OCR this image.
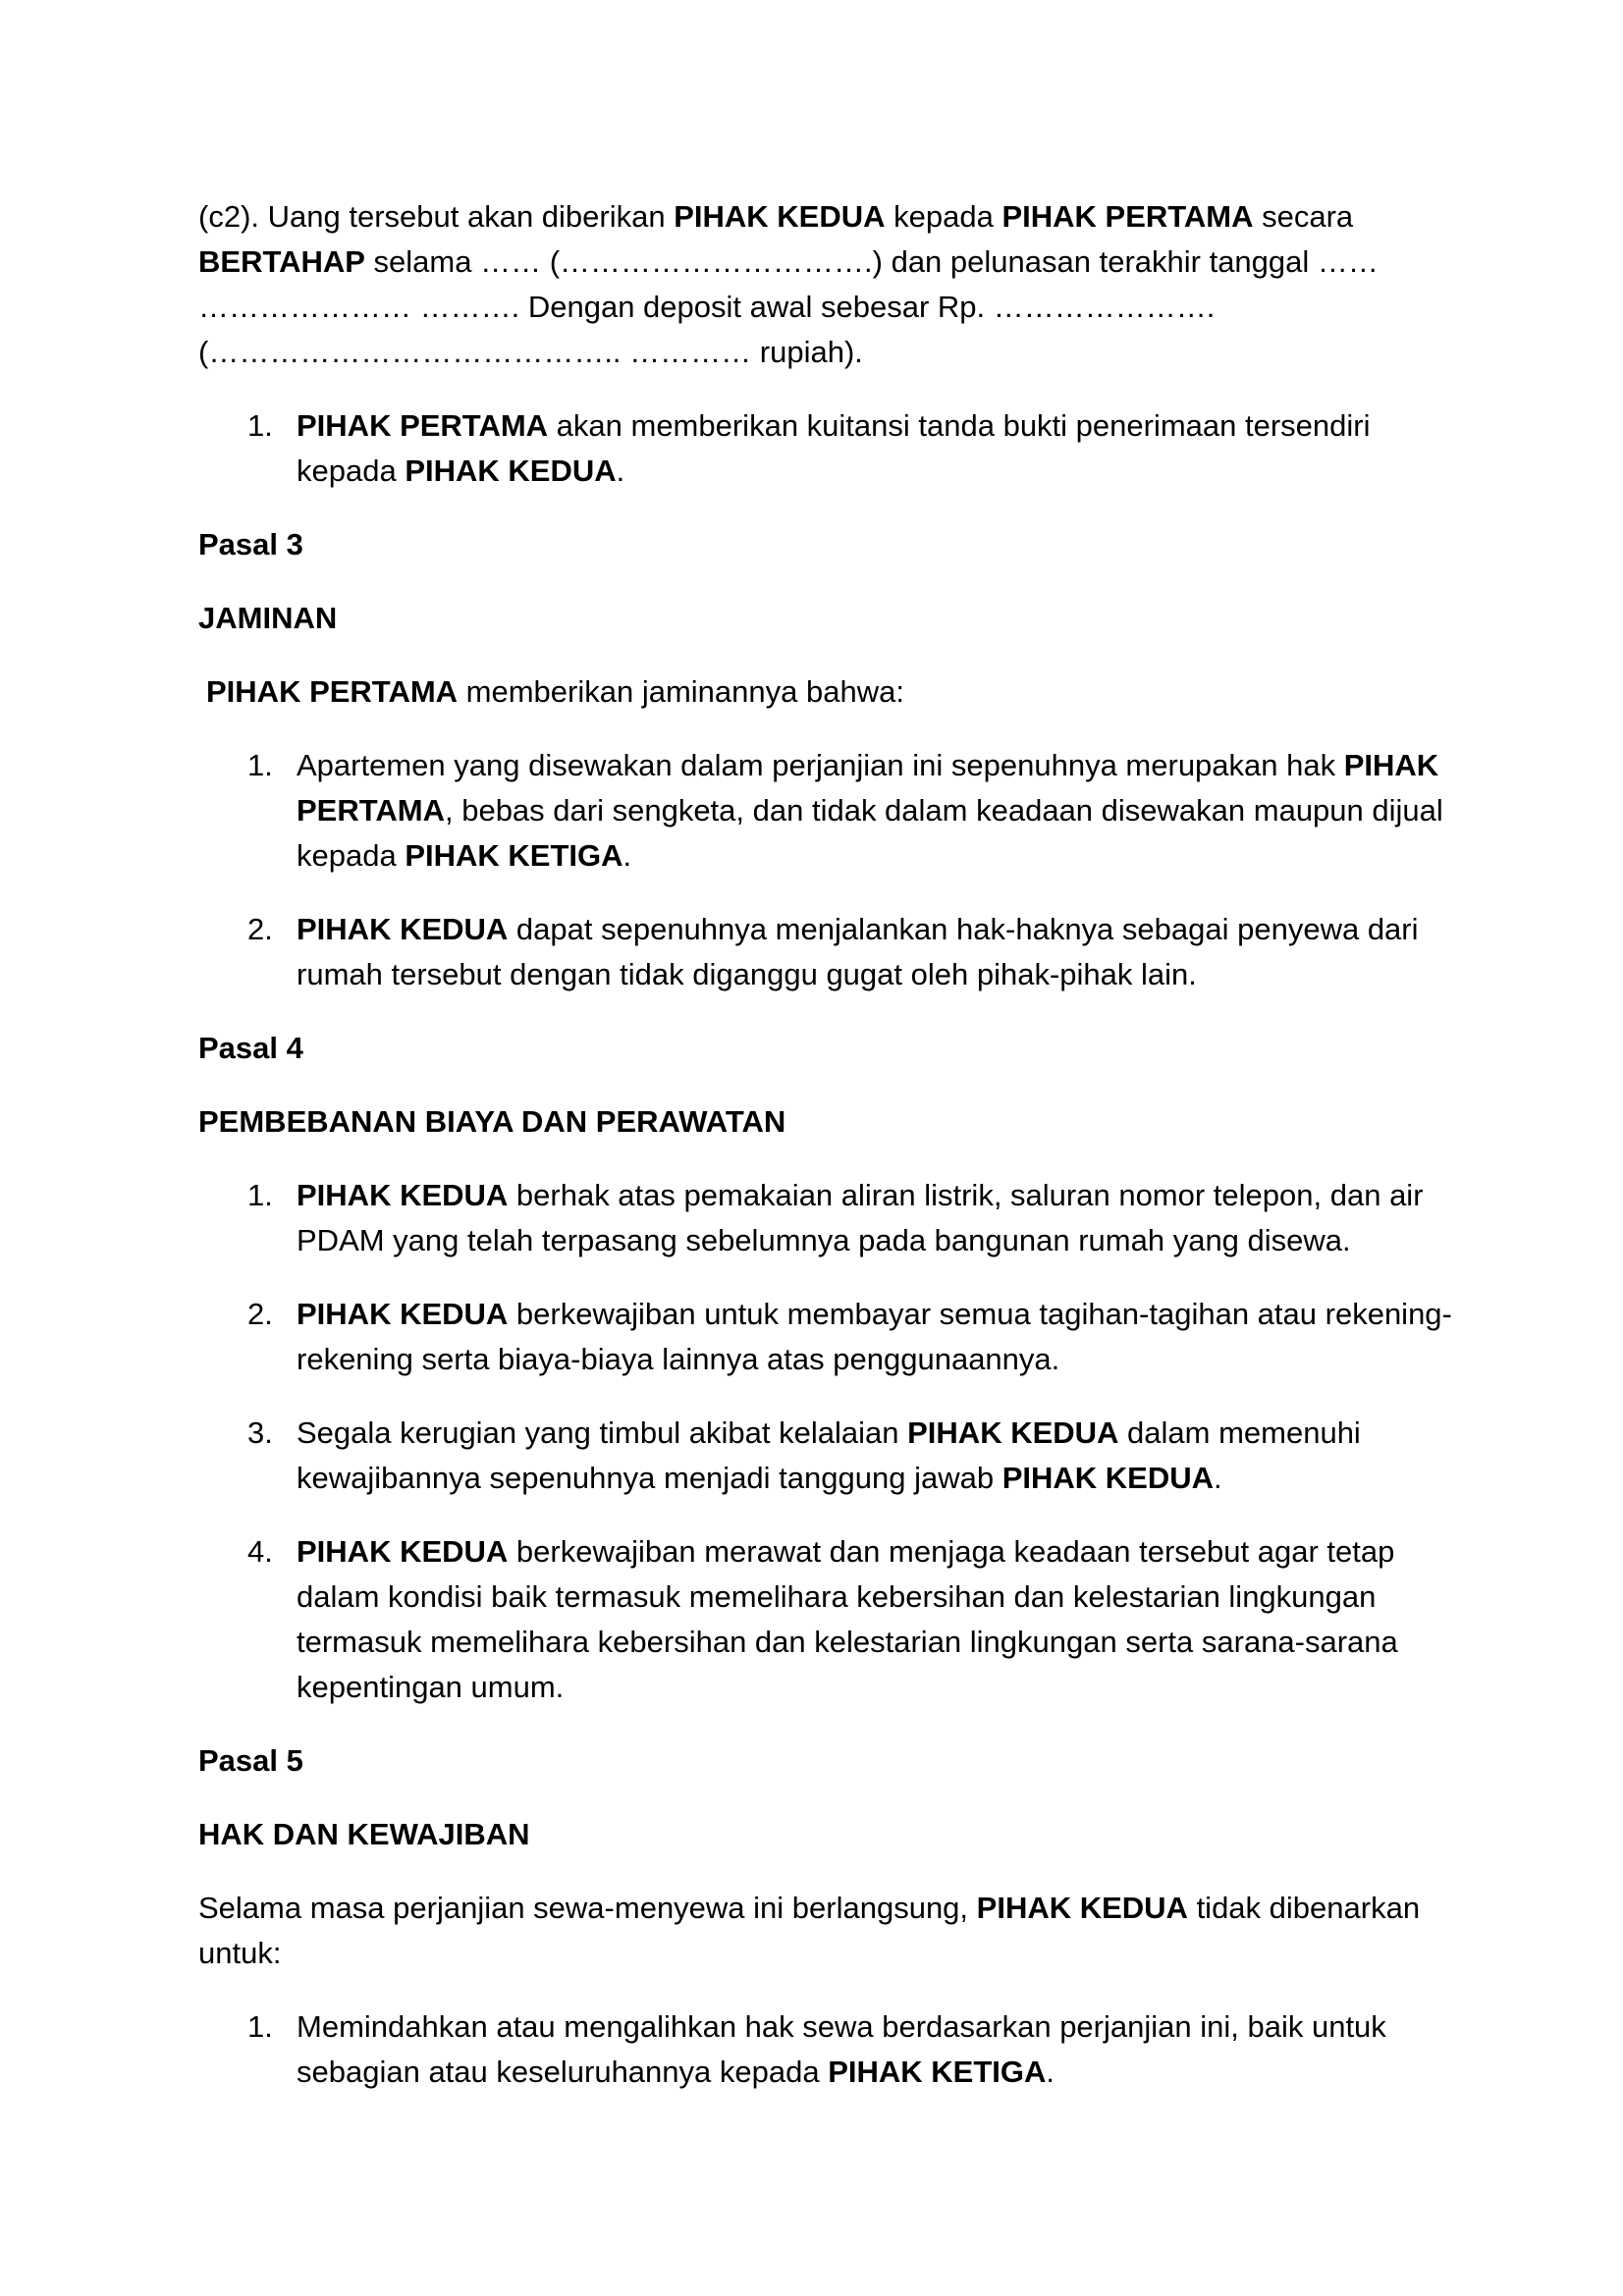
(c2). Uang tersebut akan diberikan PIHAK KEDUA kepada PIHAK PERTAMA secara BERTAHAP selama …… (………………………….) dan pelunasan terakhir tanggal …… ………………… ………. Dengan deposit awal sebesar Rp. …………………. (………………………………….. ………… rupiah).

1. PIHAK PERTAMA akan memberikan kuitansi tanda bukti penerimaan tersendiri kepada PIHAK KEDUA.

Pasal 3

JAMINAN

PIHAK PERTAMA memberikan jaminannya bahwa:

1. Apartemen yang disewakan dalam perjanjian ini sepenuhnya merupakan hak PIHAK PERTAMA, bebas dari sengketa, dan tidak dalam keadaan disewakan maupun dijual kepada PIHAK KETIGA.
2. PIHAK KEDUA dapat sepenuhnya menjalankan hak-haknya sebagai penyewa dari rumah tersebut dengan tidak diganggu gugat oleh pihak-pihak lain.

Pasal 4

PEMBEBANAN BIAYA DAN PERAWATAN

1. PIHAK KEDUA berhak atas pemakaian aliran listrik, saluran nomor telepon, dan air PDAM yang telah terpasang sebelumnya pada bangunan rumah yang disewa.
2. PIHAK KEDUA berkewajiban untuk membayar semua tagihan-tagihan atau rekening-rekening serta biaya-biaya lainnya atas penggunaannya.
3. Segala kerugian yang timbul akibat kelalaian PIHAK KEDUA dalam memenuhi kewajibannya sepenuhnya menjadi tanggung jawab PIHAK KEDUA.
4. PIHAK KEDUA berkewajiban merawat dan menjaga keadaan tersebut agar tetap dalam kondisi baik termasuk memelihara kebersihan dan kelestarian lingkungan termasuk memelihara kebersihan dan kelestarian lingkungan serta sarana-sarana kepentingan umum.

Pasal 5

HAK DAN KEWAJIBAN

Selama masa perjanjian sewa-menyewa ini berlangsung, PIHAK KEDUA tidak dibenarkan untuk:

1. Memindahkan atau mengalihkan hak sewa berdasarkan perjanjian ini, baik untuk sebagian atau keseluruhannya kepada PIHAK KETIGA.
